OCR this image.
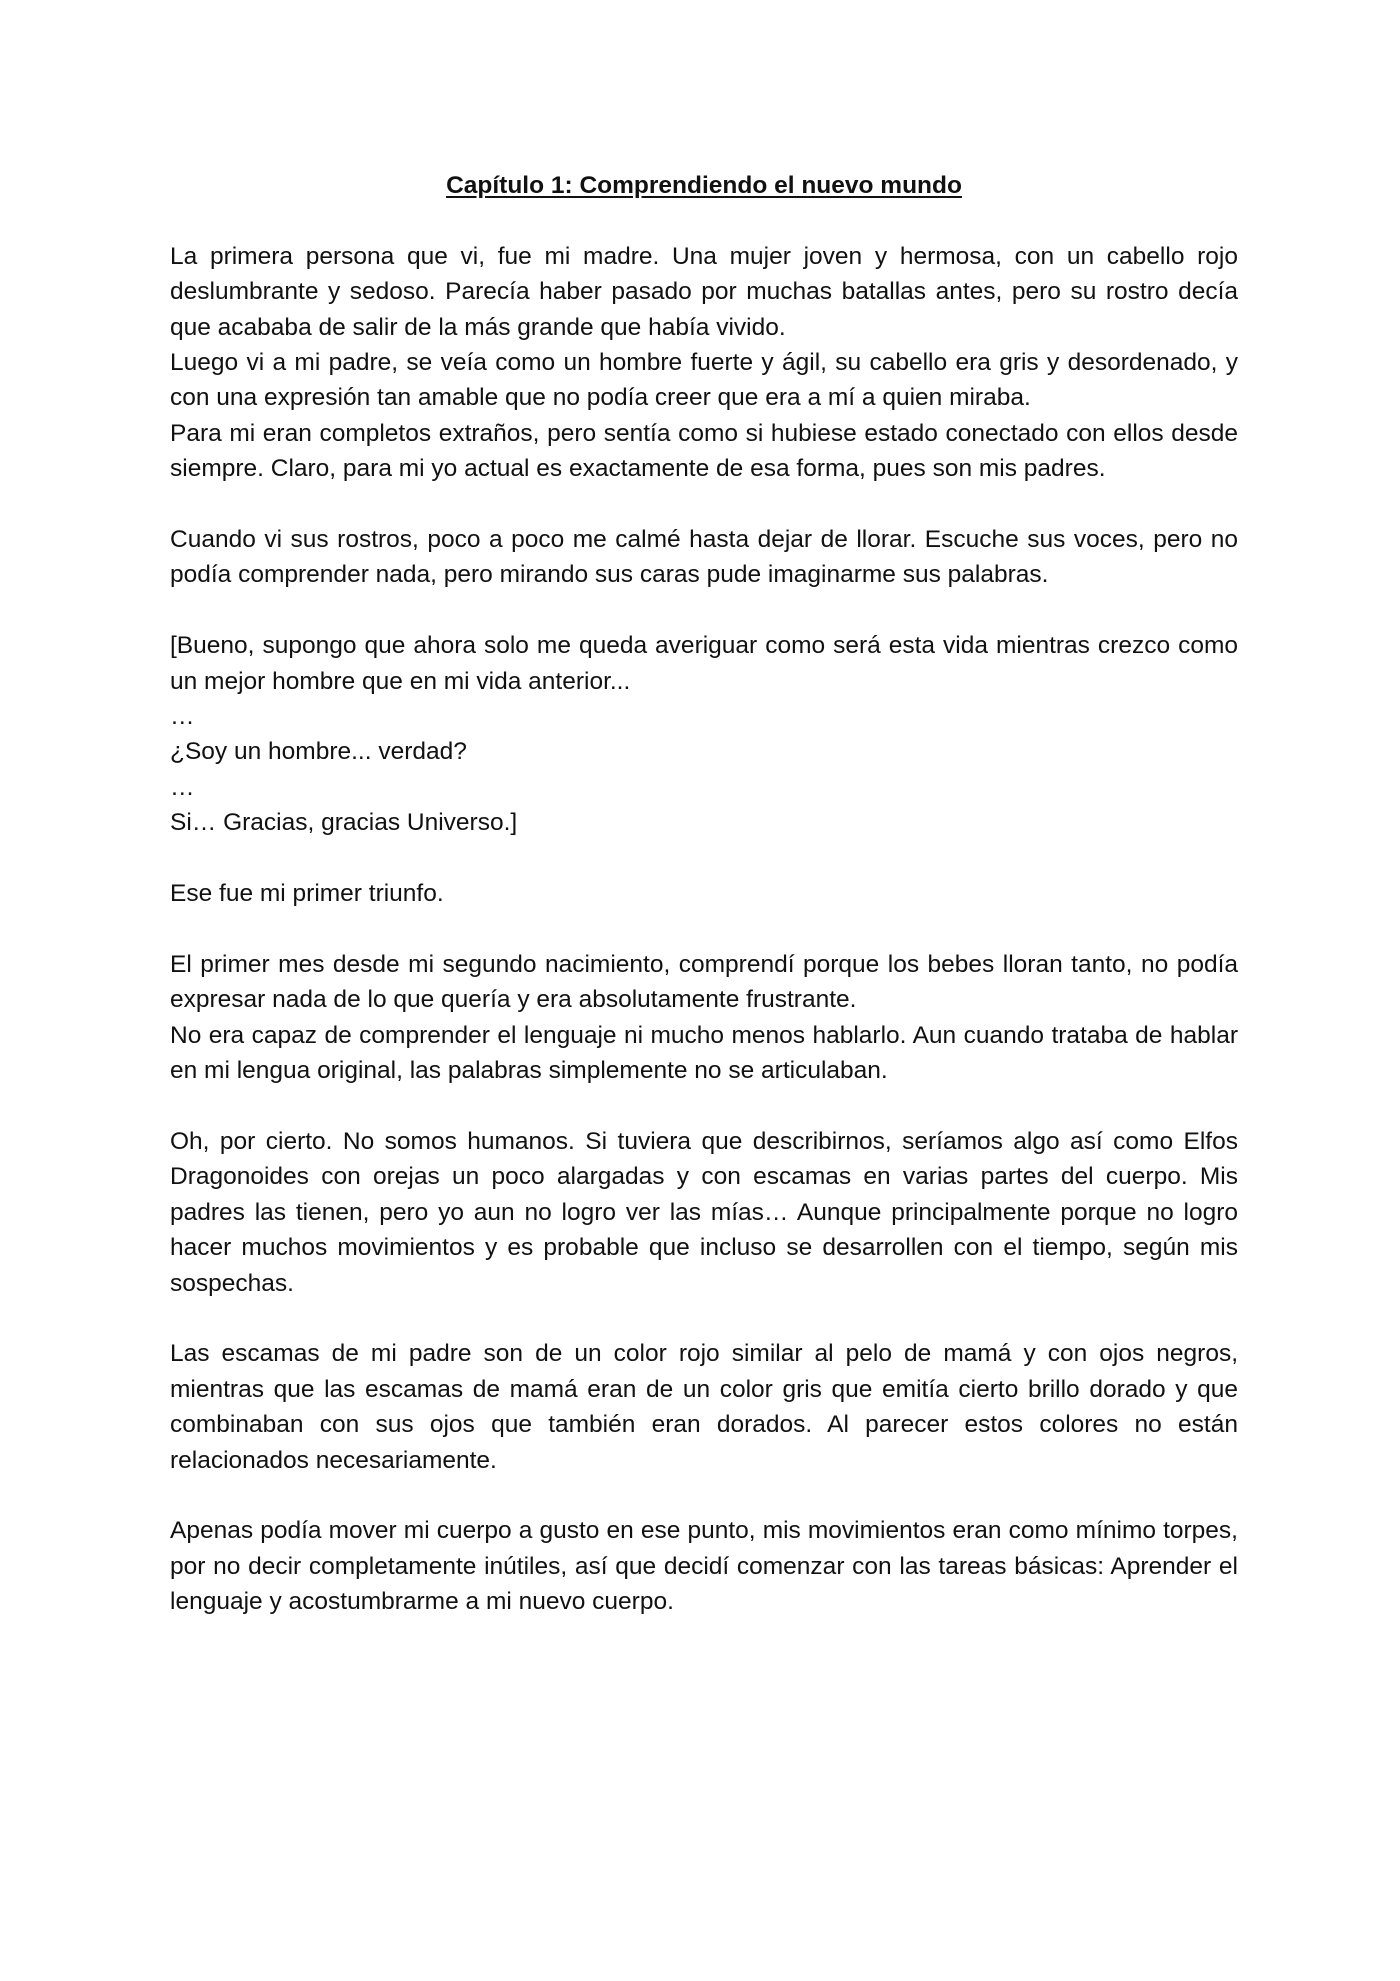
Capítulo 1: Comprendiendo el nuevo mundo

La primera persona que vi, fue mi madre. Una mujer joven y hermosa, con un cabello rojo deslumbrante y sedoso. Parecía haber pasado por muchas batallas antes, pero su rostro decía que acababa de salir de la más grande que había vivido.

Luego vi a mi padre, se veía como un hombre fuerte y ágil, su cabello era gris y desordenado, y con una expresión tan amable que no podía creer que era a mí a quien miraba.

Para mi eran completos extraños, pero sentía como si hubiese estado conectado con ellos desde siempre. Claro, para mi yo actual es exactamente de esa forma, pues son mis padres.

Cuando vi sus rostros, poco a poco me calmé hasta dejar de llorar. Escuche sus voces, pero no podía comprender nada, pero mirando sus caras pude imaginarme sus palabras.

[Bueno, supongo que ahora solo me queda averiguar como será esta vida mientras crezco como un mejor hombre que en mi vida anterior...

…

¿Soy un hombre... verdad?

…

Si… Gracias, gracias Universo.]

Ese fue mi primer triunfo.

El primer mes desde mi segundo nacimiento, comprendí porque los bebes lloran tanto, no podía expresar nada de lo que quería y era absolutamente frustrante.

No era capaz de comprender el lenguaje ni mucho menos hablarlo. Aun cuando trataba de hablar en mi lengua original, las palabras simplemente no se articulaban.

Oh, por cierto. No somos humanos. Si tuviera que describirnos, seríamos algo así como Elfos Dragonoides con orejas un poco alargadas y con escamas en varias partes del cuerpo. Mis padres las tienen, pero yo aun no logro ver las mías… Aunque principalmente porque no logro hacer muchos movimientos y es probable que incluso se desarrollen con el tiempo, según mis sospechas.

Las escamas de mi padre son de un color rojo similar al pelo de mamá y con ojos negros, mientras que las escamas de mamá eran de un color gris que emitía cierto brillo dorado y que combinaban con sus ojos que también eran dorados. Al parecer estos colores no están relacionados necesariamente.

Apenas podía mover mi cuerpo a gusto en ese punto, mis movimientos eran como mínimo torpes, por no decir completamente inútiles, así que decidí comenzar con las tareas básicas: Aprender el lenguaje y acostumbrarme a mi nuevo cuerpo.
